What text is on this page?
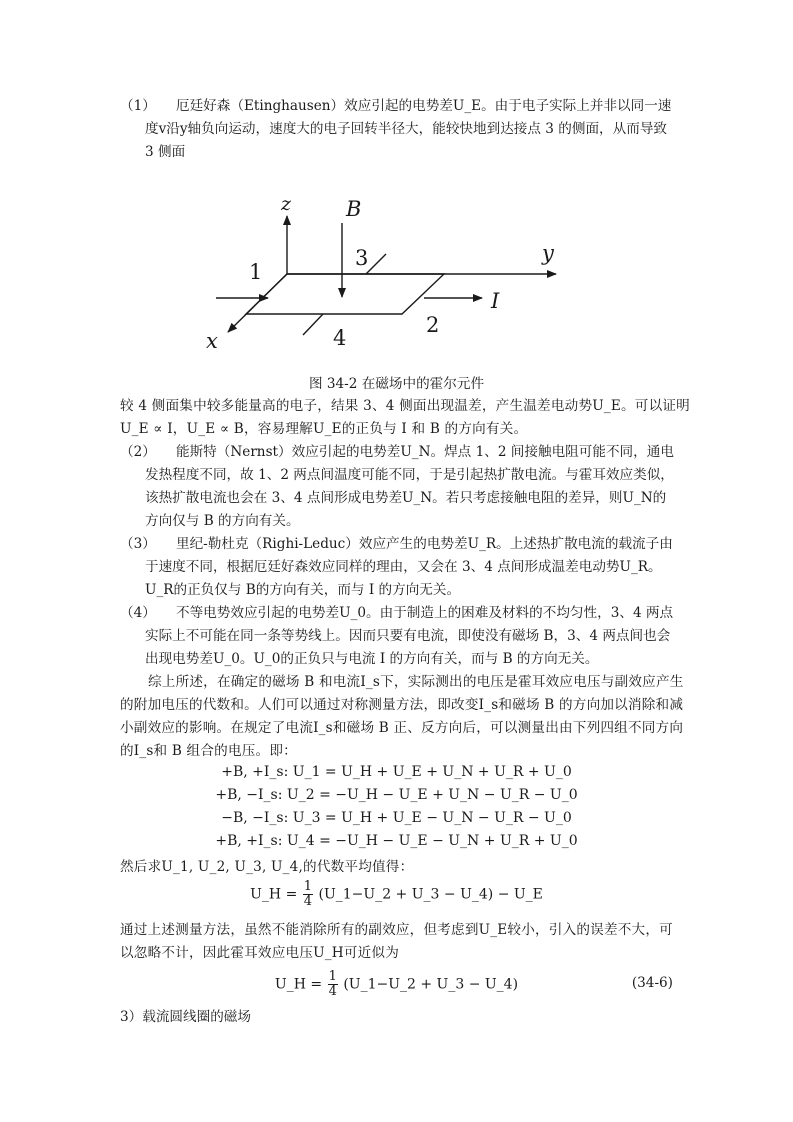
（1）	厄廷好森（Etinghausen）效应引起的电势差U_E。由于电子实际上并非以同一速度v沿y轴负向运动，速度大的电子回转半径大，能较快地到达接点 3 的侧面，从而导致 3 侧面
z	B
y
I
x
1
2
3
4
图 34-2 在磁场中的霍尔元件
较 4 侧面集中较多能量高的电子，结果 3、4 侧面出现温差，产生温差电动势U_E。可以证明
U_E ∝ I，U_E ∝ B，容易理解U_E的正负与 I 和 B 的方向有关。
（2）	能斯特（Nernst）效应引起的电势差U_N。焊点 1、2 间接触电阻可能不同，通电发热程度不同，故 1、2 两点间温度可能不同，于是引起热扩散电流。与霍耳效应类似，该热扩散电流也会在 3、4 点间形成电势差U_N。若只考虑接触电阻的差异，则U_N的方向仅与 B 的方向有关。
（3）	里纪-勒杜克（Righi-Leduc）效应产生的电势差U_R。上述热扩散电流的载流子由于速度不同，根据厄廷好森效应同样的理由，又会在 3、4 点间形成温差电动势U_R。U_R的正负仅与 B的方向有关，而与 I 的方向无关。
（4）	不等电势效应引起的电势差U_0。由于制造上的困难及材料的不均匀性，3、4 两点实际上不可能在同一条等势线上。因而只要有电流，即使没有磁场 B，3、4 两点间也会出现电势差U_0。U_0的正负只与电流 I 的方向有关，而与 B 的方向无关。
综上所述，在确定的磁场 B 和电流I_s下，实际测出的电压是霍耳效应电压与副效应产生
的附加电压的代数和。人们可以通过对称测量方法，即改变I_s和磁场 B 的方向加以消除和减
小副效应的影响。在规定了电流I_s和磁场 B 正、反方向后，可以测量出由下列四组不同方向
的I_s和 B 组合的电压。即：
+B, +I_s: U_1 = U_H + U_E + U_N + U_R + U_0
+B, −I_s: U_2 = −U_H − U_E + U_N − U_R − U_0
−B, −I_s: U_3 = U_H + U_E − U_N − U_R − U_0
+B, +I_s: U_4 = −U_H − U_E − U_N + U_R + U_0
然后求U_1, U_2, U_3, U_4,的代数平均值得：
U_H = $\frac{1}{4}$ (U_1−U_2 + U_3 − U_4) − U_E
通过上述测量方法，虽然不能消除所有的副效应，但考虑到U_E较小，引入的误差不大，可
以忽略不计，因此霍耳效应电压U_H可近似为
U_H = $\frac{1}{4}$ (U_1−U_2 + U_3 − U_4)	(34-6)
3）载流圆线圈的磁场
